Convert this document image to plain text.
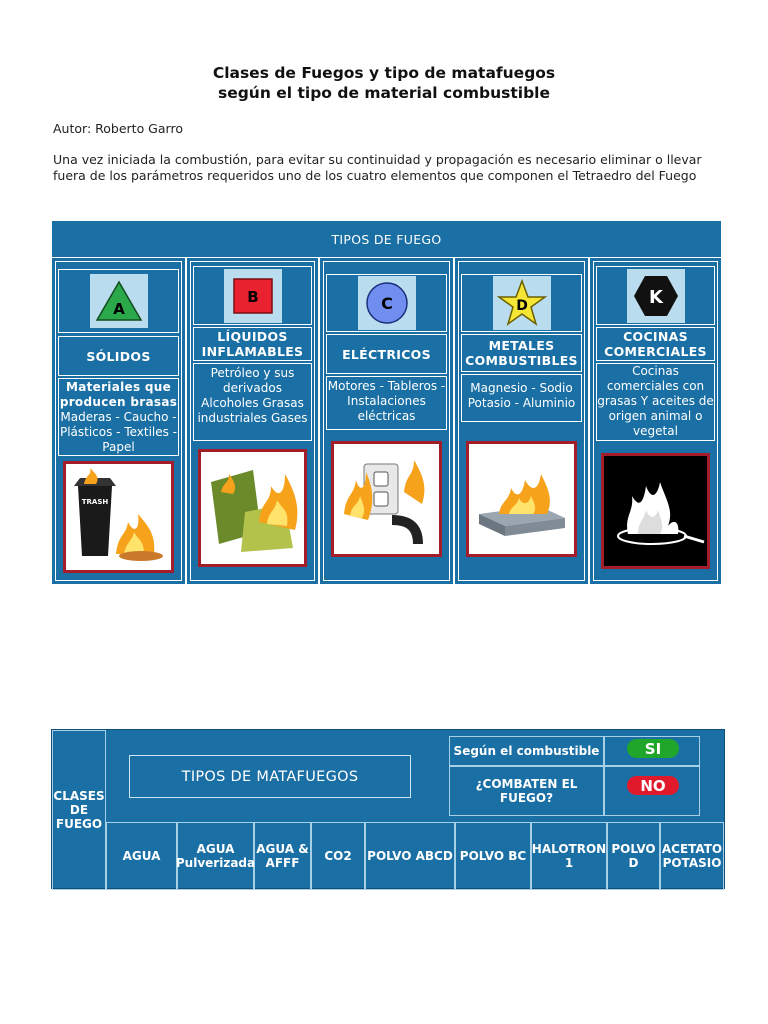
Clases de Fuegos y tipo de matafuegos
según el tipo de material combustible
Autor: Roberto Garro
Una vez iniciada la combustión, para evitar su continuidad y propagación es necesario eliminar o llevar fuera de los parámetros requeridos uno de los cuatro elementos que componen el Tetraedro del Fuego
TIPOS DE FUEGO
A
SÓLIDOS
Materiales que producen brasas
Maderas - Caucho - Plásticos - Textiles - Papel
TRASH
B
LÍQUIDOS INFLAMABLES
Petróleo y sus derivados Alcoholes Grasas industriales Gases
C
ELÉCTRICOS
Motores - Tableros - Instalaciones eléctricas
D
METALES COMBUSTIBLES
Magnesio - Sodio Potasio - Aluminio
K
COCINAS COMERCIALES
Cocinas comerciales con grasas Y aceites de origen animal o vegetal
CLASES DE FUEGO
TIPOS DE MATAFUEGOS
Según el combustible
¿COMBATEN EL FUEGO?
SI
NO
AGUA	AGUA Pulverizada
AGUA & AFFF	CO2	POLVO ABCD POLVO BC HALOTRON 1
POLVO D
ACETATO POTASIO
